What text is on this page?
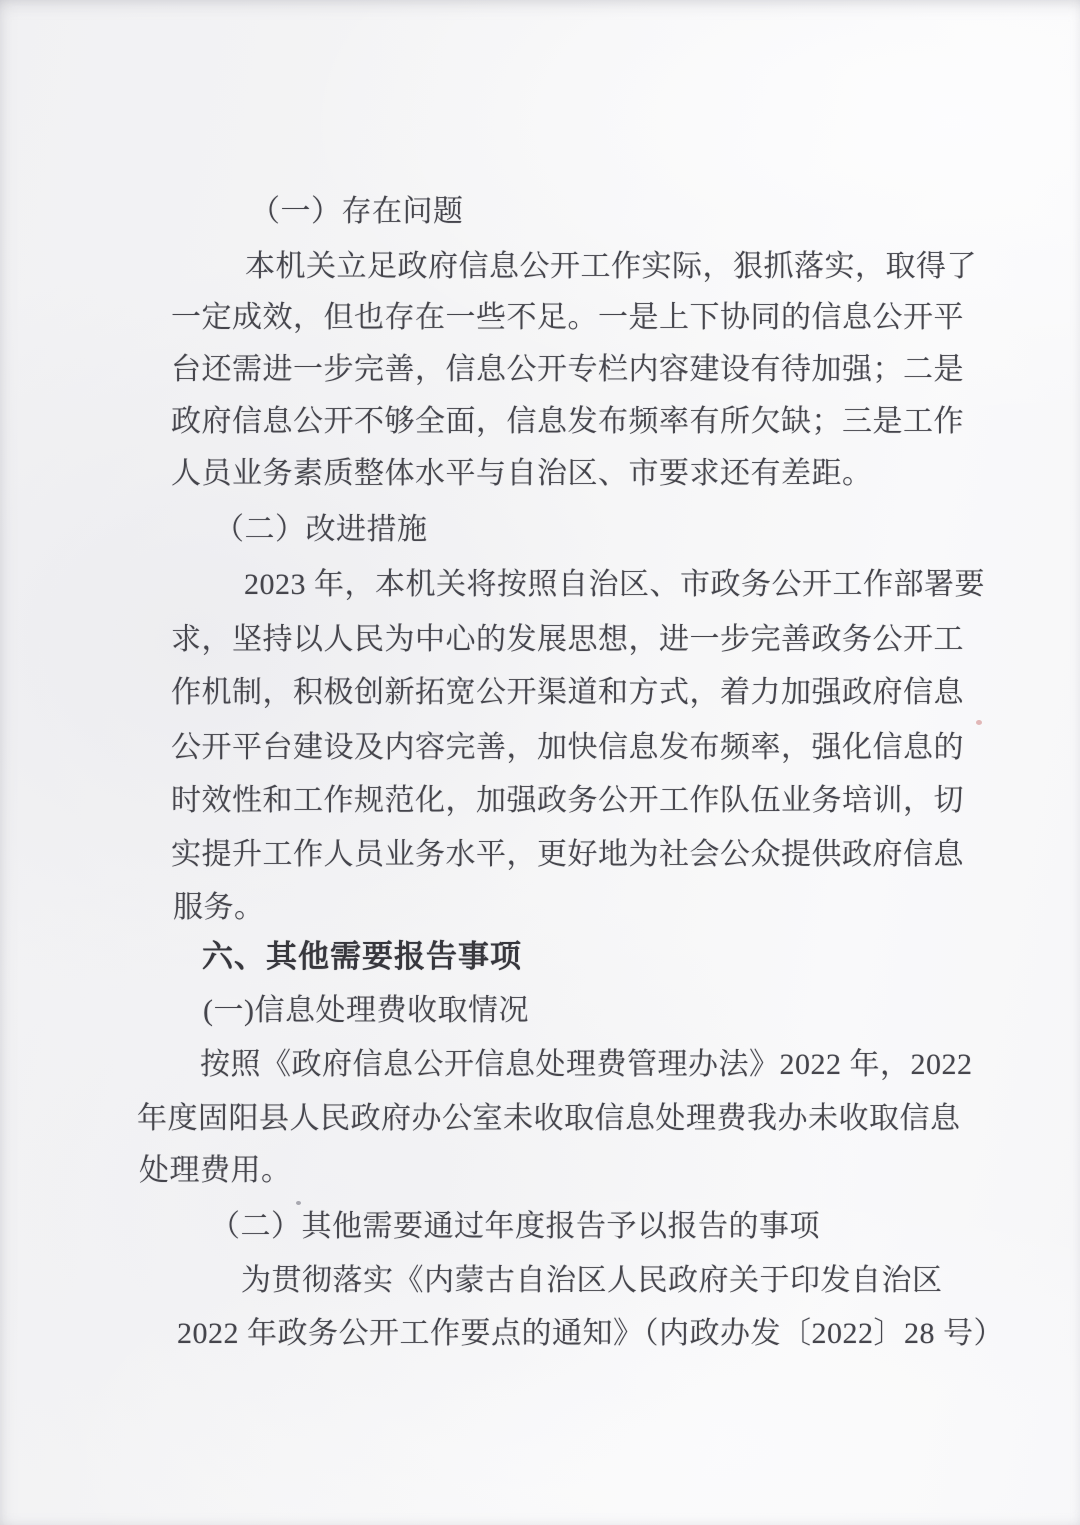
（一）存在问题
本机关立足政府信息公开工作实际，狠抓落实，取得了
一定成效，但也存在一些不足。一是上下协同的信息公开平
台还需进一步完善，信息公开专栏内容建设有待加强；二是
政府信息公开不够全面，信息发布频率有所欠缺；三是工作
人员业务素质整体水平与自治区、市要求还有差距。
（二）改进措施
2023 年，本机关将按照自治区、市政务公开工作部署要
求，坚持以人民为中心的发展思想，进一步完善政务公开工
作机制，积极创新拓宽公开渠道和方式，着力加强政府信息
公开平台建设及内容完善，加快信息发布频率，强化信息的
时效性和工作规范化，加强政务公开工作队伍业务培训，切
实提升工作人员业务水平，更好地为社会公众提供政府信息
服务。
六、其他需要报告事项
(一)信息处理费收取情况
按照《政府信息公开信息处理费管理办法》2022 年，2022
年度固阳县人民政府办公室未收取信息处理费我办未收取信息
处理费用。
（二）其他需要通过年度报告予以报告的事项
为贯彻落实《内蒙古自治区人民政府关于印发自治区
2022 年政务公开工作要点的通知》（内政办发〔2022〕28 号）
